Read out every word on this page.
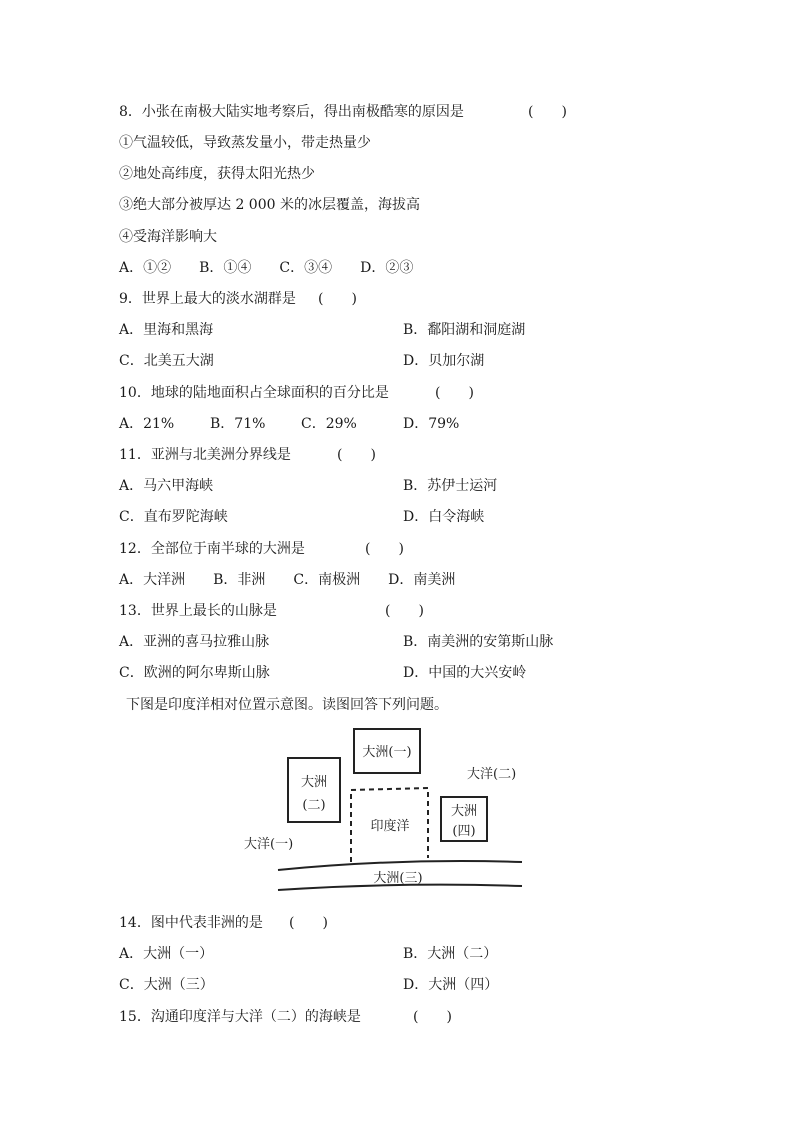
8．小张在南极大陆实地考察后，得出南极酷寒的原因是	(　　)
①气温较低，导致蒸发量小，带走热量少
②地处高纬度，获得太阳光热少
③绝大部分被厚达 2 000 米的冰层覆盖，海拔高
④受海洋影响大
A．①②　　B．①④　　C．③④　　D．②③
9．世界上最大的淡水湖群是 (　　)
A．里海和黑海	B．鄱阳湖和洞庭湖
C．北美五大湖	D．贝加尔湖
10．地球的陆地面积占全球面积的百分比是	(　　)
A．21%	B．71%	C．29%	D．79%
11．亚洲与北美洲分界线是	(　　)
A．马六甲海峡	B．苏伊士运河
C．直布罗陀海峡	D．白令海峡
12．全部位于南半球的大洲是	(　　)
A．大洋洲　　B．非洲　　C．南极洲　　D．南美洲
13．世界上最长的山脉是	(　　)
A．亚洲的喜马拉雅山脉	B．南美洲的安第斯山脉
C．欧洲的阿尔卑斯山脉	D．中国的大兴安岭
下图是印度洋相对位置示意图。读图回答下列问题。
大洲(一)
大洲
(二)
印度洋
大洲
(四)
大洋(二)
大洋(一)
大洲(三)
14．图中代表非洲的是 (　　)
A．大洲（一）	B．大洲（二）
C．大洲（三）	D．大洲（四）
15．沟通印度洋与大洋（二）的海峡是	(　　)
